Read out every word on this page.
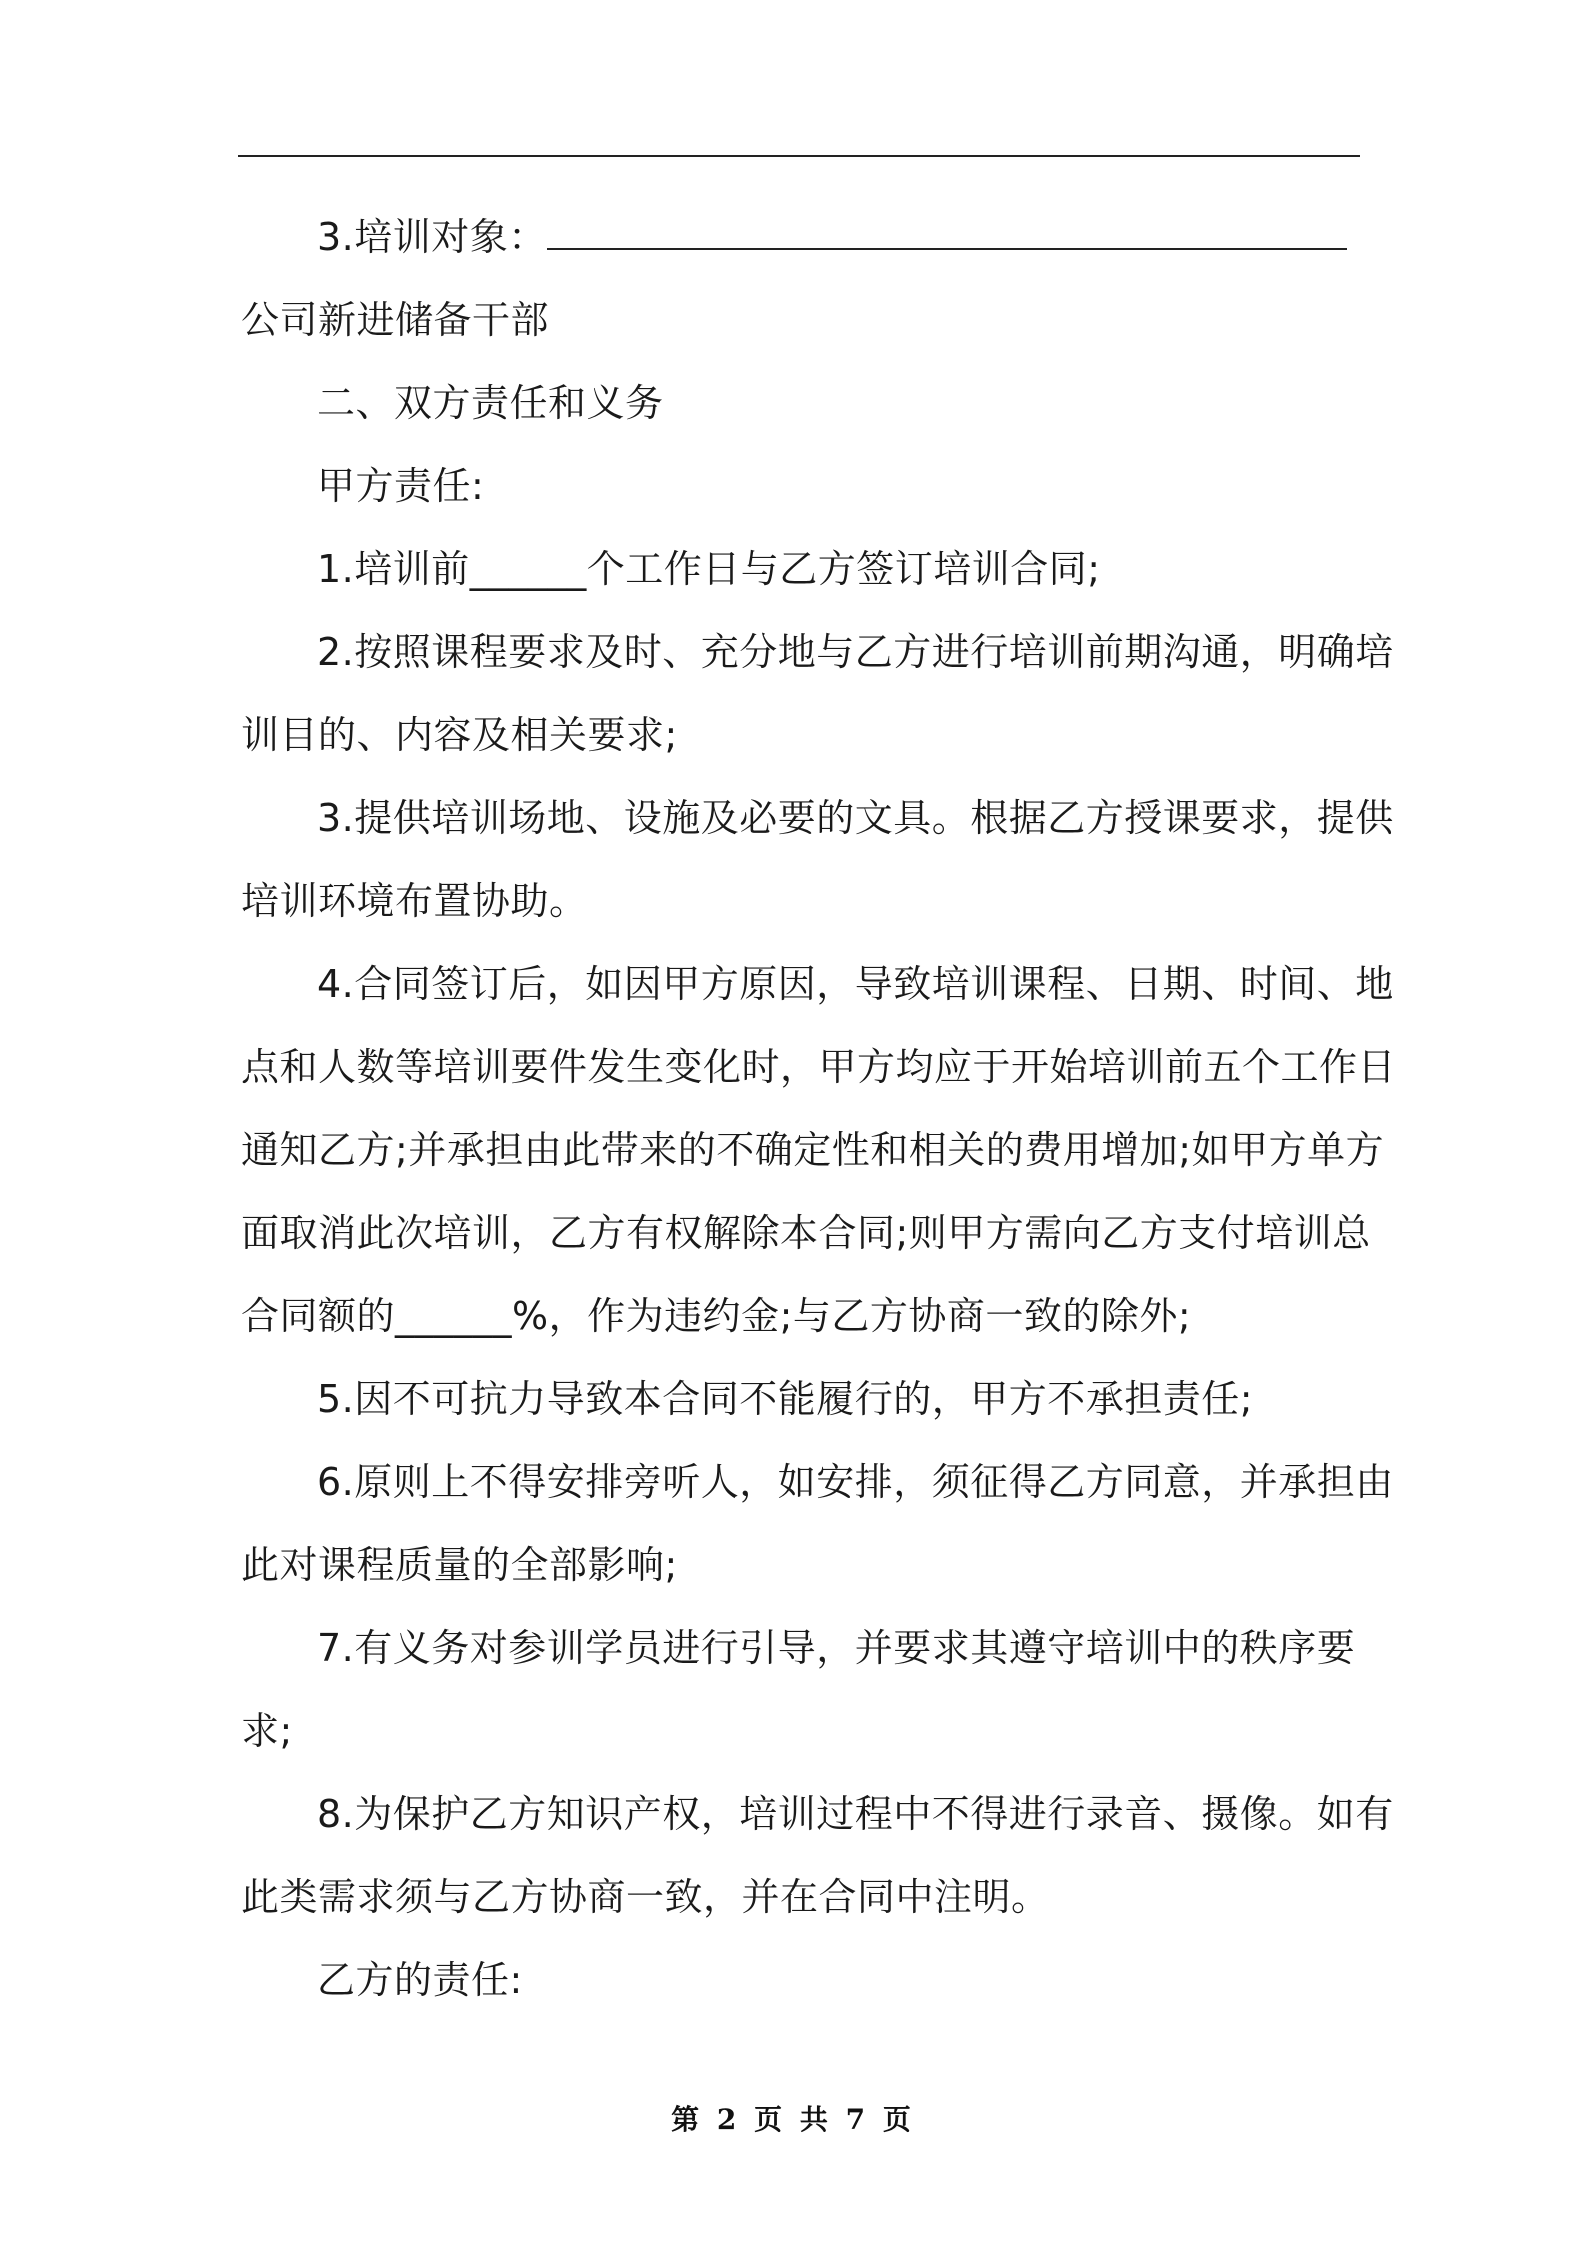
3.培训对象：
公司新进储备干部
二、双方责任和义务
甲方责任:
1.培训前______个工作日与乙方签订培训合同;
2.按照课程要求及时、充分地与乙方进行培训前期沟通，明确培
训目的、内容及相关要求;
3.提供培训场地、设施及必要的文具。根据乙方授课要求，提供
培训环境布置协助。
4.合同签订后，如因甲方原因，导致培训课程、日期、时间、地
点和人数等培训要件发生变化时，甲方均应于开始培训前五个工作日
通知乙方;并承担由此带来的不确定性和相关的费用增加;如甲方单方
面取消此次培训，乙方有权解除本合同;则甲方需向乙方支付培训总
合同额的______%，作为违约金;与乙方协商一致的除外;
5.因不可抗力导致本合同不能履行的，甲方不承担责任;
6.原则上不得安排旁听人，如安排，须征得乙方同意，并承担由
此对课程质量的全部影响;
7.有义务对参训学员进行引导，并要求其遵守培训中的秩序要
求;
8.为保护乙方知识产权，培训过程中不得进行录音、摄像。如有
此类需求须与乙方协商一致，并在合同中注明。
乙方的责任:
第 2 页 共 7 页
